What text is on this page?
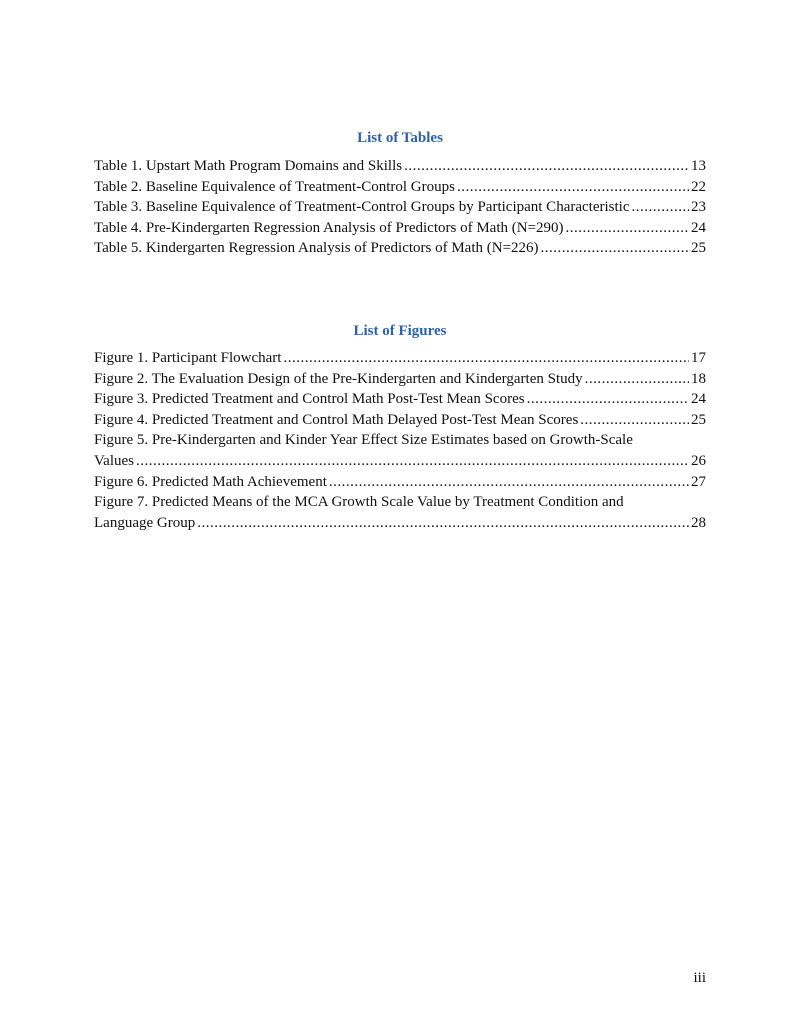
List of Tables
Table 1. Upstart Math Program Domains and Skills .....	13
Table 2. Baseline Equivalence of Treatment-Control Groups .....	22
Table 3. Baseline Equivalence of Treatment-Control Groups by Participant Characteristic .....	23
Table 4. Pre-Kindergarten Regression Analysis of Predictors of Math (N=290) .....	24
Table 5. Kindergarten Regression Analysis of Predictors of Math (N=226) .....	25
List of Figures
Figure 1. Participant Flowchart .....	17
Figure 2. The Evaluation Design of the Pre-Kindergarten and Kindergarten Study .....	18
Figure 3. Predicted Treatment and Control Math Post-Test Mean Scores .....	24
Figure 4. Predicted Treatment and Control Math Delayed Post-Test Mean Scores .....	25
Figure 5. Pre-Kindergarten and Kinder Year Effect Size Estimates based on Growth-Scale
Values .....	26
Figure 6. Predicted Math Achievement .....	27
Figure 7. Predicted Means of the MCA Growth Scale Value by Treatment Condition and
Language Group .....	28
iii
